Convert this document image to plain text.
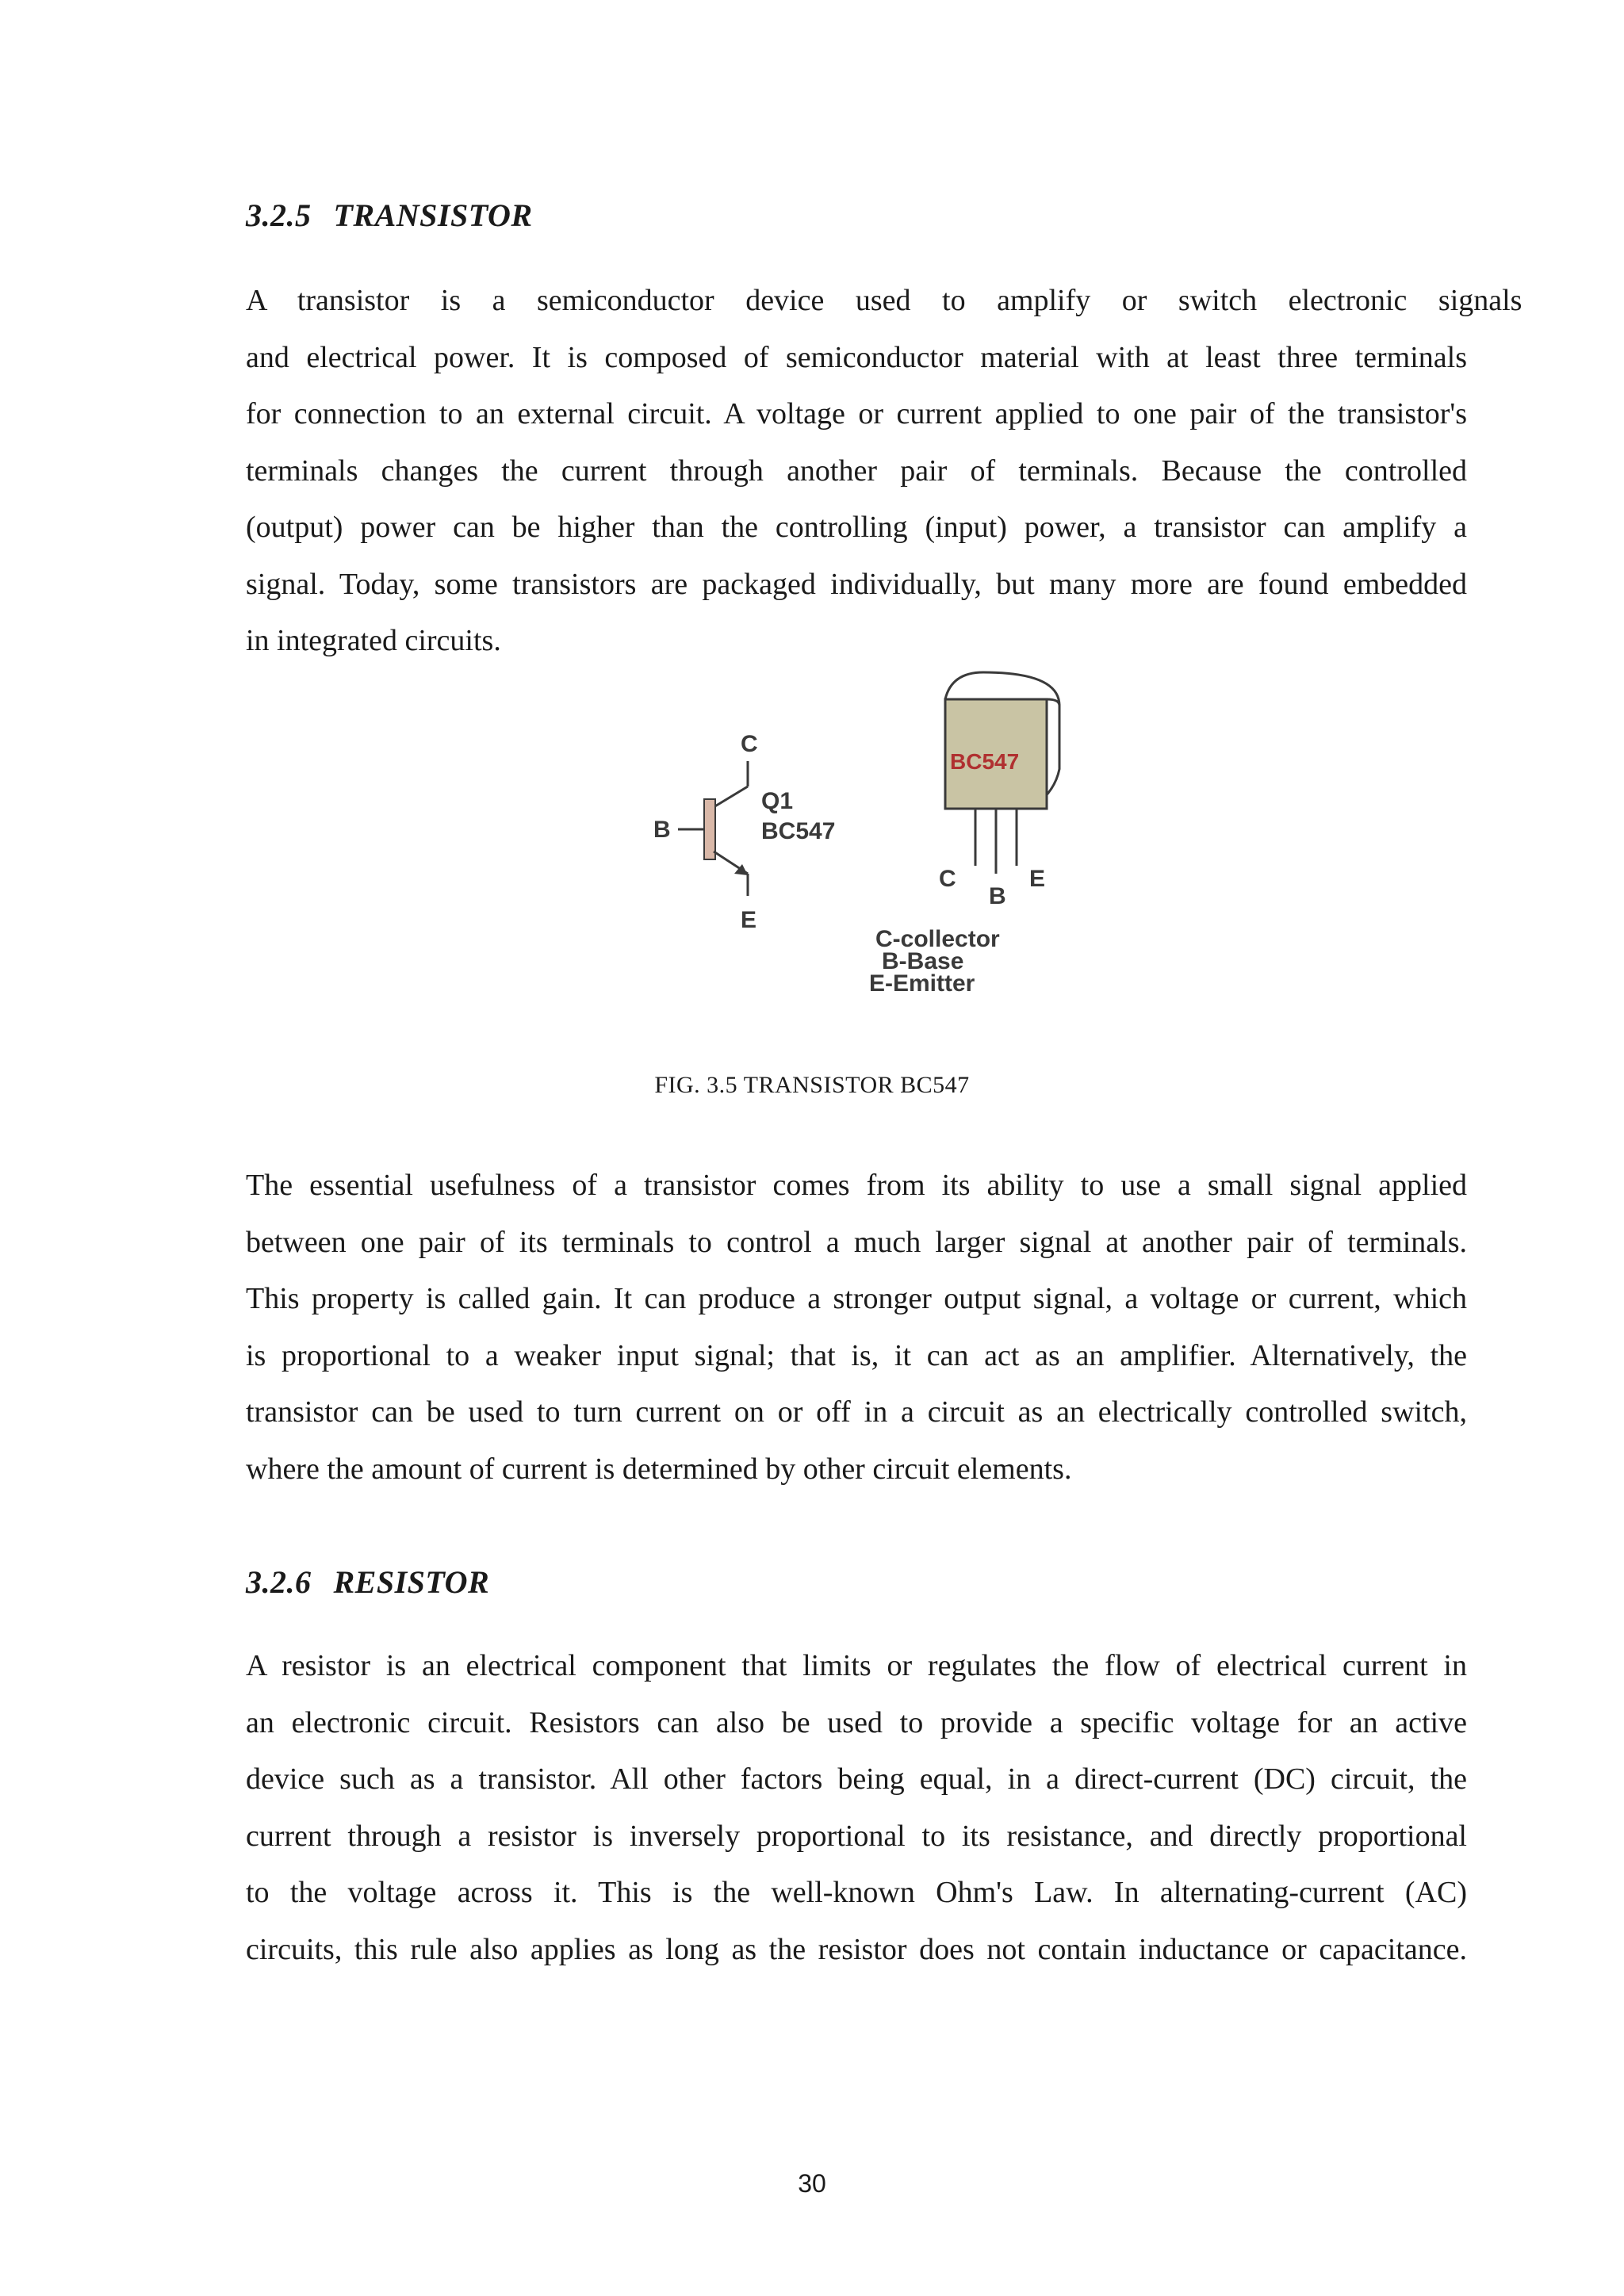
3.2.5 TRANSISTOR

A transistor is a semiconductor device used to amplify or switch electronic signals
and electrical power. It is composed of semiconductor material with at least three terminals
for connection to an external circuit. A voltage or current applied to one pair of the transistor's
terminals changes the current through another pair of terminals. Because the controlled
(output) power can be higher than the controlling (input) power, a transistor can amplify a
signal. Today, some transistors are packaged individually, but many more are found embedded
in integrated circuits.

C
B
E
Q1
BC547
BC547
C
B
E
C-collector
B-Base
E-Emitter
FIG. 3.5 TRANSISTOR BC547

The essential usefulness of a transistor comes from its ability to use a small signal applied
between one pair of its terminals to control a much larger signal at another pair of terminals.
This property is called gain. It can produce a stronger output signal, a voltage or current, which
is proportional to a weaker input signal; that is, it can act as an amplifier. Alternatively, the
transistor can be used to turn current on or off in a circuit as an electrically controlled switch,
where the amount of current is determined by other circuit elements.

3.2.6 RESISTOR

A resistor is an electrical component that limits or regulates the flow of electrical current in
an electronic circuit. Resistors can also be used to provide a specific voltage for an active
device such as a transistor. All other factors being equal, in a direct-current (DC) circuit, the
current through a resistor is inversely proportional to its resistance, and directly proportional
to the voltage across it. This is the well-known Ohm's Law. In alternating-current (AC)
circuits, this rule also applies as long as the resistor does not contain inductance or capacitance.

30
